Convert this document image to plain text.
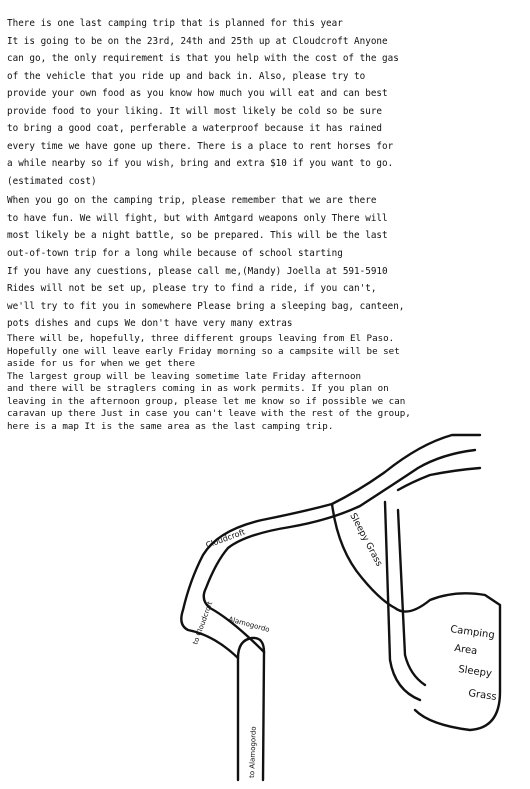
There is one last camping trip that is planned for this year
It is going to be on the 23rd, 24th and 25th up at Cloudcroft Anyone
can go, the only requirement is that you help with the cost of the gas
of the vehicle that you ride up and back in. Also, please try to
provide your own food as you know how much you will eat and can best
provide food to your liking. It will most likely be cold so be sure
to bring a good coat, perferable a waterproof because it has rained
every time we have gone up there. There is a place to rent horses for
a while nearby so if you wish, bring and extra $10 if you want to go.
(estimated cost)
When you go on the camping trip, please remember that we are there
to have fun. We will fight, but with Amtgard weapons only There will
most likely be a night battle, so be prepared. This will be the last
out-of-town trip for a long while because of school starting
If you have any cuestions, please call me,(Mandy) Joella at 591-5910
Rides will not be set up, please try to find a ride, if you can't,
we'll try to fit you in somewhere Please bring a sleeping bag, canteen,
pots dishes and cups We don't have very many extras
There will be, hopefully, three different groups leaving from El Paso.
Hopefully one will leave early Friday morning so a campsite will be set
aside for us for when we get there
The largest group will be leaving sometime late Friday afternoon
and there will be straglers coming in as work permits. If you plan on
leaving in the afternoon group, please let me know so if possible we can
caravan up there Just in case you can't leave with the rest of the group,
here is a map It is the same area as the last camping trip.
Cloudcroft	Sleepy Grass
to Cloudcroft Alamogordo
to Alamogordo
Camping
Area
Sleepy
Grass
